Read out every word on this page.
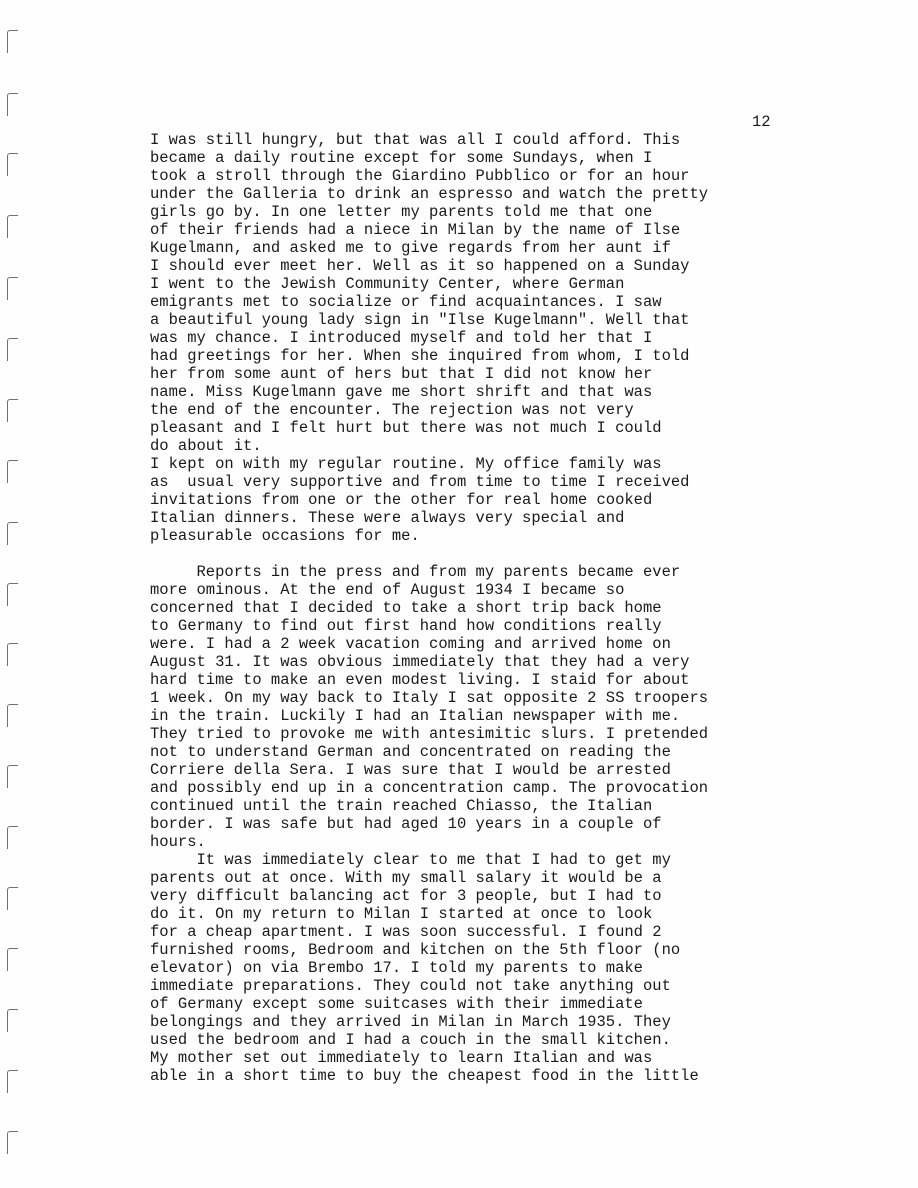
12
I was still hungry, but that was all I could afford. This
became a daily routine except for some Sundays, when I
took a stroll through the Giardino Pubblico or for an hour
under the Galleria to drink an espresso and watch the pretty
girls go by. In one letter my parents told me that one
of their friends had a niece in Milan by the name of Ilse
Kugelmann, and asked me to give regards from her aunt if
I should ever meet her. Well as it so happened on a Sunday
I went to the Jewish Community Center, where German
emigrants met to socialize or find acquaintances. I saw
a beautiful young lady sign in "Ilse Kugelmann". Well that
was my chance. I introduced myself and told her that I
had greetings for her. When she inquired from whom, I told
her from some aunt of hers but that I did not know her
name. Miss Kugelmann gave me short shrift and that was
the end of the encounter. The rejection was not very
pleasant and I felt hurt but there was not much I could
do about it.
I kept on with my regular routine. My office family was
as  usual very supportive and from time to time I received
invitations from one or the other for real home cooked
Italian dinners. These were always very special and
pleasurable occasions for me.
Reports in the press and from my parents became ever
more ominous. At the end of August 1934 I became so
concerned that I decided to take a short trip back home
to Germany to find out first hand how conditions really
were. I had a 2 week vacation coming and arrived home on
August 31. It was obvious immediately that they had a very
hard time to make an even modest living. I staid for about
1 week. On my way back to Italy I sat opposite 2 SS troopers
in the train. Luckily I had an Italian newspaper with me.
They tried to provoke me with antesimitic slurs. I pretended
not to understand German and concentrated on reading the
Corriere della Sera. I was sure that I would be arrested
and possibly end up in a concentration camp. The provocation
continued until the train reached Chiasso, the Italian
border. I was safe but had aged 10 years in a couple of
hours.
It was immediately clear to me that I had to get my
parents out at once. With my small salary it would be a
very difficult balancing act for 3 people, but I had to
do it. On my return to Milan I started at once to look
for a cheap apartment. I was soon successful. I found 2
furnished rooms, Bedroom and kitchen on the 5th floor (no
elevator) on via Brembo 17. I told my parents to make
immediate preparations. They could not take anything out
of Germany except some suitcases with their immediate
belongings and they arrived in Milan in March 1935. They
used the bedroom and I had a couch in the small kitchen.
My mother set out immediately to learn Italian and was
able in a short time to buy the cheapest food in the little
